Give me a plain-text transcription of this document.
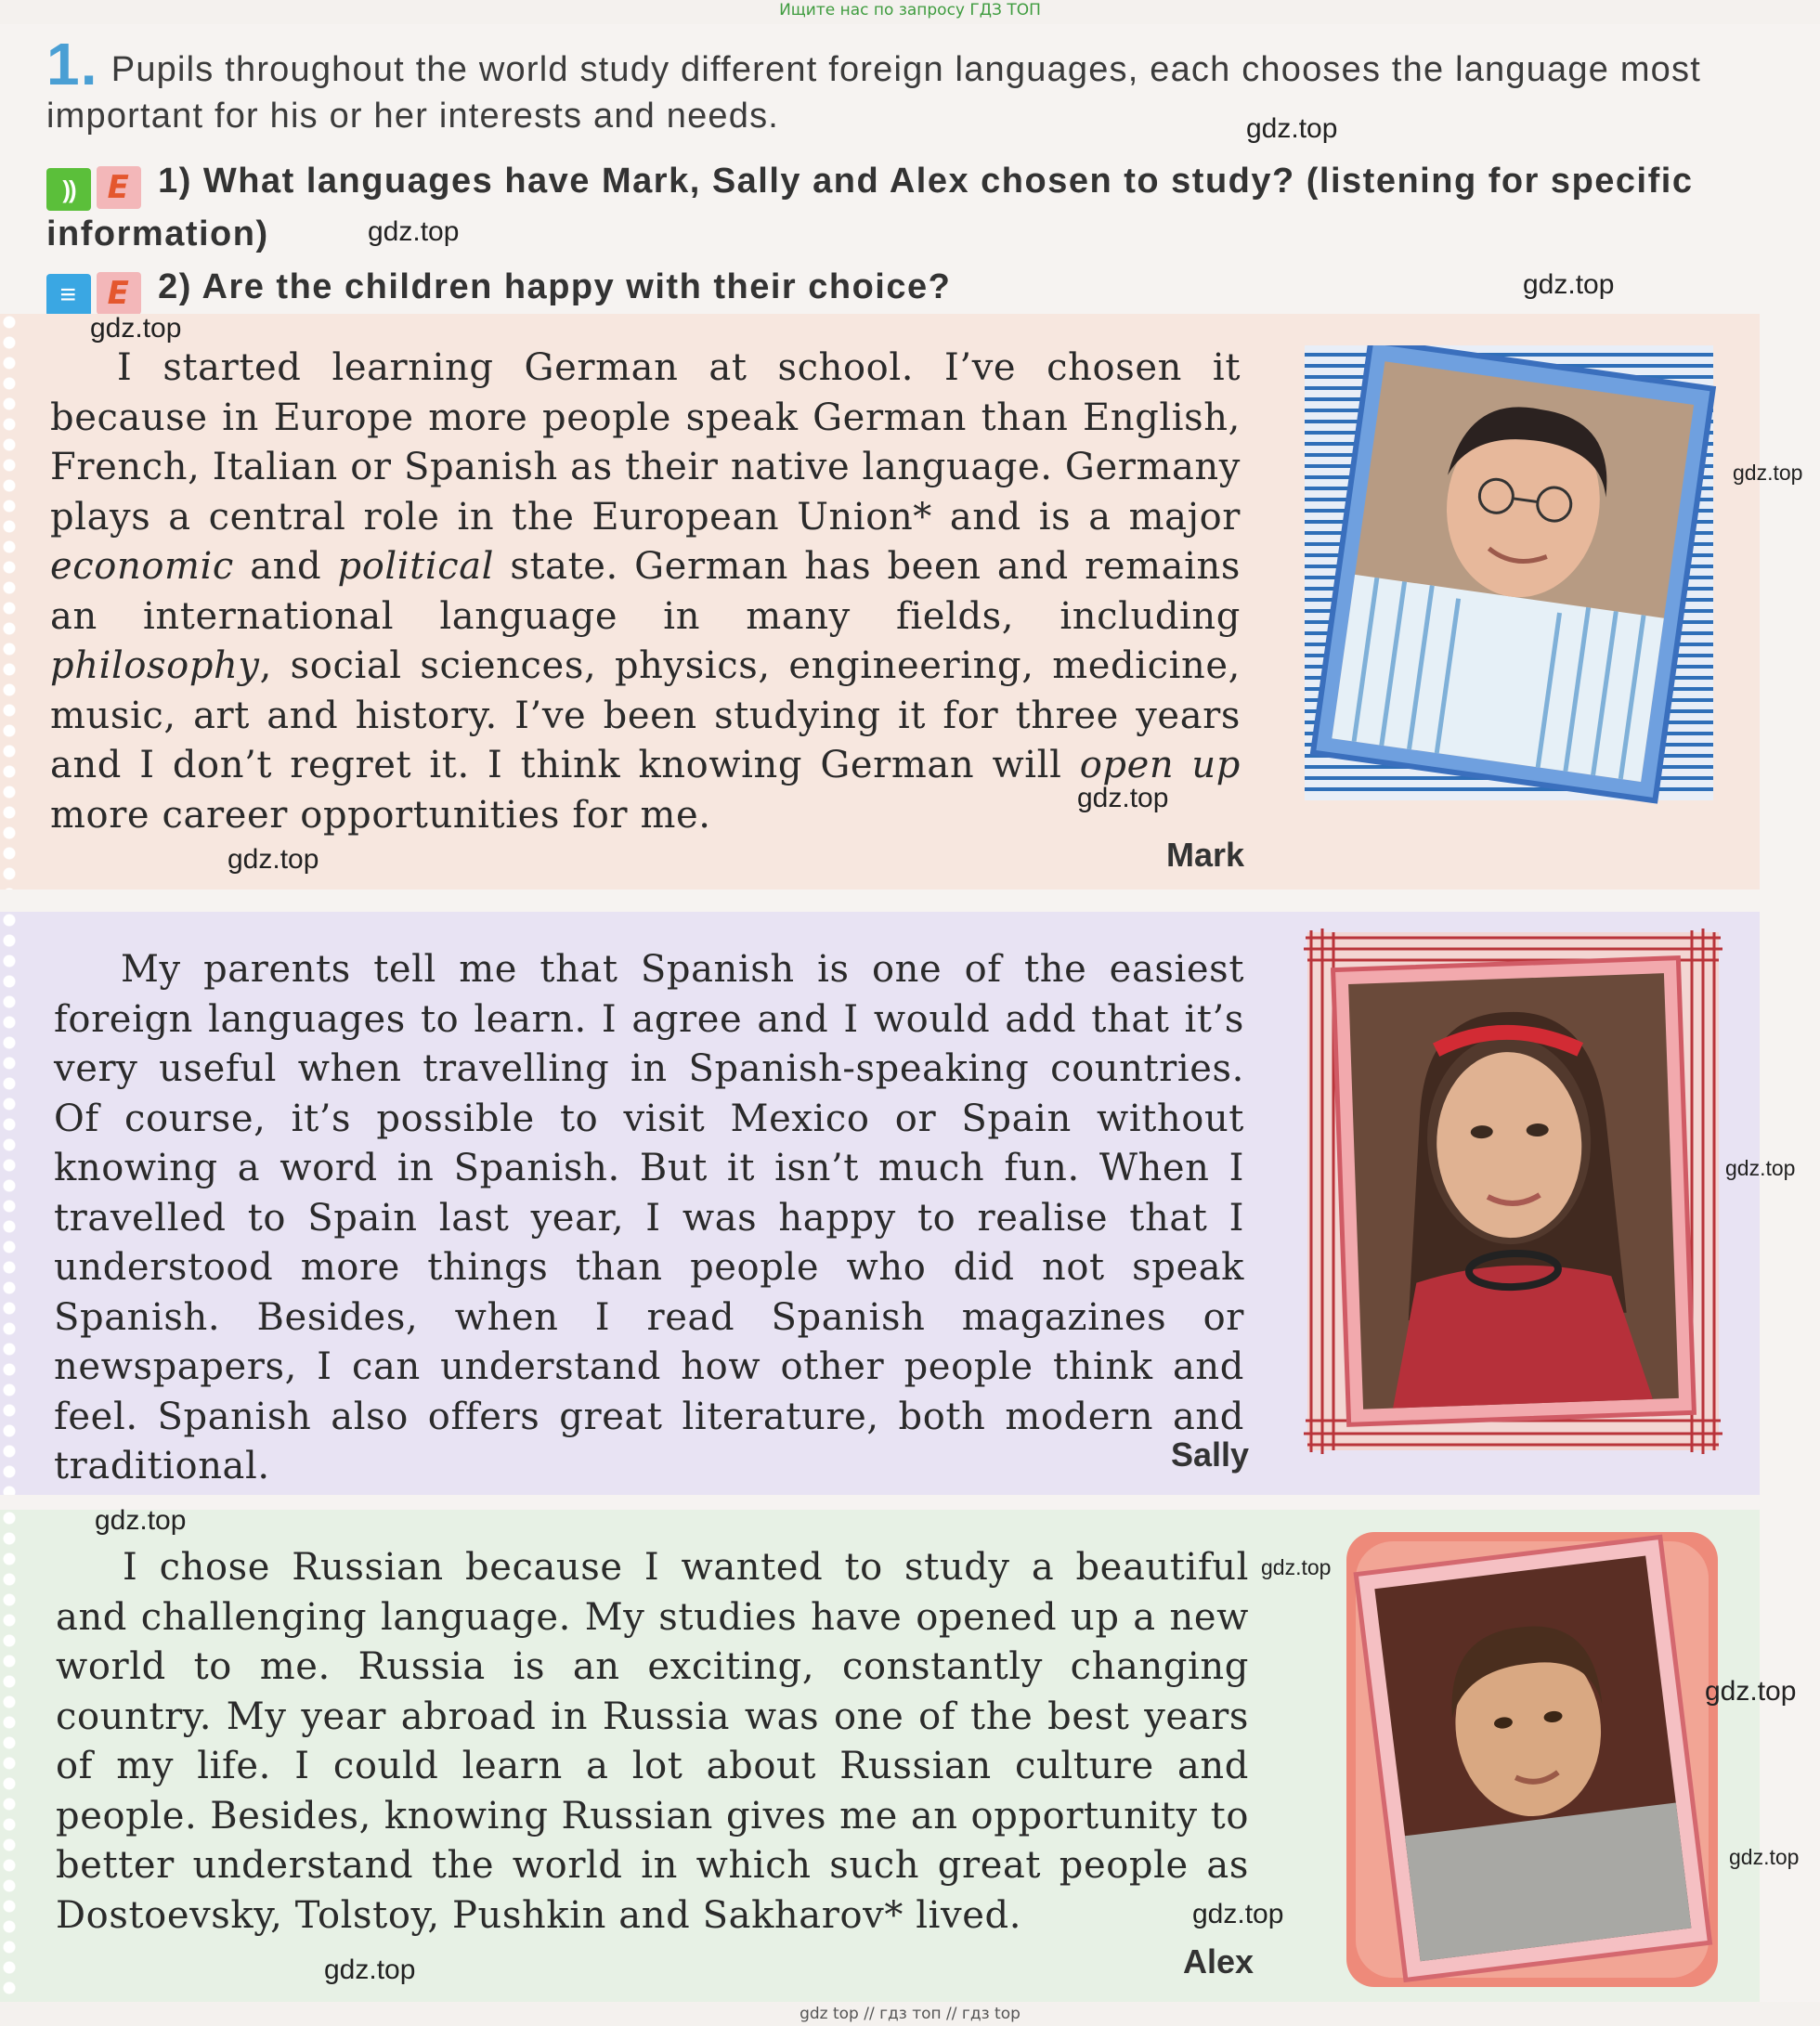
Ищите нас по запросу ГДЗ ТОП
1. Pupils throughout the world study different foreign languages, each chooses the language most important for his or her interests and needs.
)) E 1) What languages have Mark, Sally and Alex chosen to study? (listening for specific information)
≡ E 2) Are the children happy with their choice?

I started learning German at school. I’ve chosen it because in Europe more people speak German than English, French, Italian or Spanish as their native language. Germany plays a central role in the European Union* and is a major economic and political state. German has been and remains an international language in many fields, including philosophy, social sciences, physics, engineering, medicine, music, art and history. I’ve been studying it for three years and I don’t regret it. I think knowing German will open up more career opportunities for me.

Mark

My parents tell me that Spanish is one of the easiest foreign languages to learn. I agree and I would add that it’s very useful when travelling in Spanish-speaking countries. Of course, it’s possible to visit Mexico or Spain without knowing a word in Spanish. But it isn’t much fun. When I travelled to Spain last year, I was happy to realise that I understood more things than people who did not speak Spanish. Besides, when I read Spanish magazines or newspapers, I can understand how other people think and feel. Spanish also offers great literature, both modern and traditional.	Sally

I chose Russian because I wanted to study a beautiful and challenging language. My studies have opened up a new world to me. Russia is an exciting, constantly changing country. My year abroad in Russia was one of the best years of my life. I could learn a lot about Russian culture and people. Besides, knowing Russian gives me an opportunity to better understand the world in which such great people as Dostoevsky, Tolstoy, Pushkin and Sakharov* lived.

Alex
gdz.top
gdz.top
gdz.top
gdz.top
gdz.top
gdz.top
gdz.top
gdz.top
gdz.top
gdz.top
gdz.top
gdz.top
gdz.top
gdz.top
gdz top // гдз топ // гдз top
